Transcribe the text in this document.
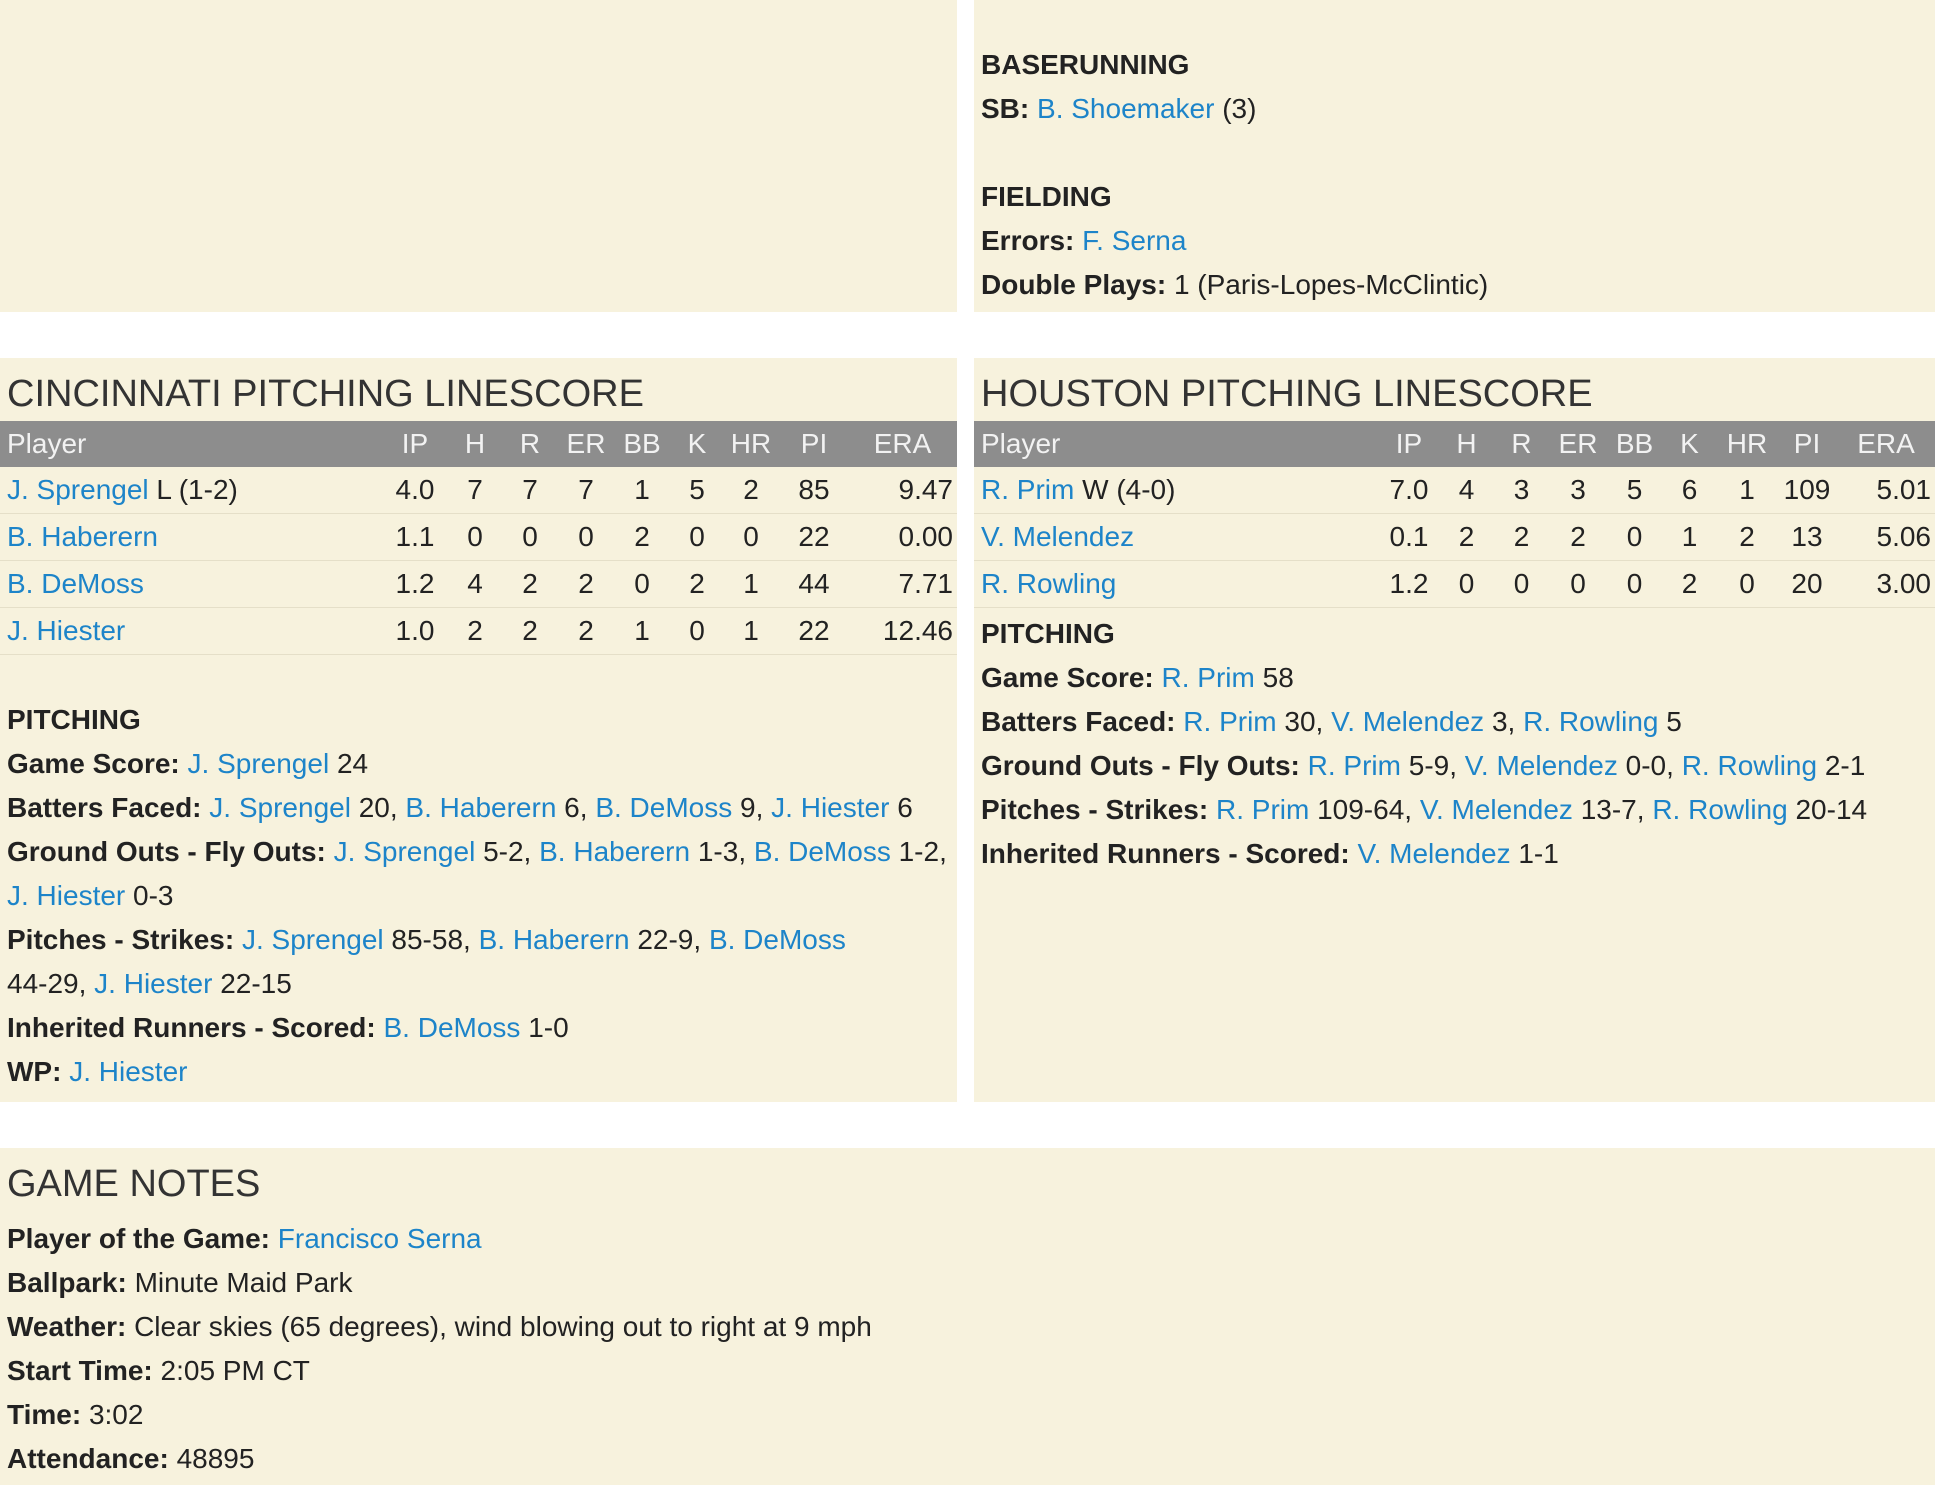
BASERUNNING
SB: B. Shoemaker (3)
FIELDING
Errors: F. Serna
Double Plays: 1 (Paris-Lopes-McClintic)
CINCINNATI PITCHING LINESCORE
Player	IP	H	R	ER	BB	K	HR	PI	ERA
J. Sprengel L (1-2)	4.0	7	7	7	1	5	2	85	9.47
B. Haberern	1.1	0	0	0	2	0	0	22	0.00
B. DeMoss	1.2	4	2	2	0	2	1	44	7.71
J. Hiester	1.0	2	2	2	1	0	1	22	12.46
PITCHING
Game Score: J. Sprengel 24
Batters Faced: J. Sprengel 20, B. Haberern 6, B. DeMoss 9, J. Hiester 6
Ground Outs - Fly Outs: J. Sprengel 5-2, B. Haberern 1-3, B. DeMoss 1-2,
J. Hiester 0-3
Pitches - Strikes: J. Sprengel 85-58, B. Haberern 22-9, B. DeMoss
44-29, J. Hiester 22-15
Inherited Runners - Scored: B. DeMoss 1-0
WP: J. Hiester
HOUSTON PITCHING LINESCORE
Player	IP	H	R	ER	BB	K	HR	PI	ERA
R. Prim W (4-0)	7.0	4	3	3	5	6	1	109	5.01
V. Melendez	0.1	2	2	2	0	1	2	13	5.06
R. Rowling	1.2	0	0	0	0	2	0	20	3.00
PITCHING
Game Score: R. Prim 58
Batters Faced: R. Prim 30, V. Melendez 3, R. Rowling 5
Ground Outs - Fly Outs: R. Prim 5-9, V. Melendez 0-0, R. Rowling 2-1
Pitches - Strikes: R. Prim 109-64, V. Melendez 13-7, R. Rowling 20-14
Inherited Runners - Scored: V. Melendez 1-1
GAME NOTES
Player of the Game: Francisco Serna
Ballpark: Minute Maid Park
Weather: Clear skies (65 degrees), wind blowing out to right at 9 mph
Start Time: 2:05 PM CT
Time: 3:02
Attendance: 48895
